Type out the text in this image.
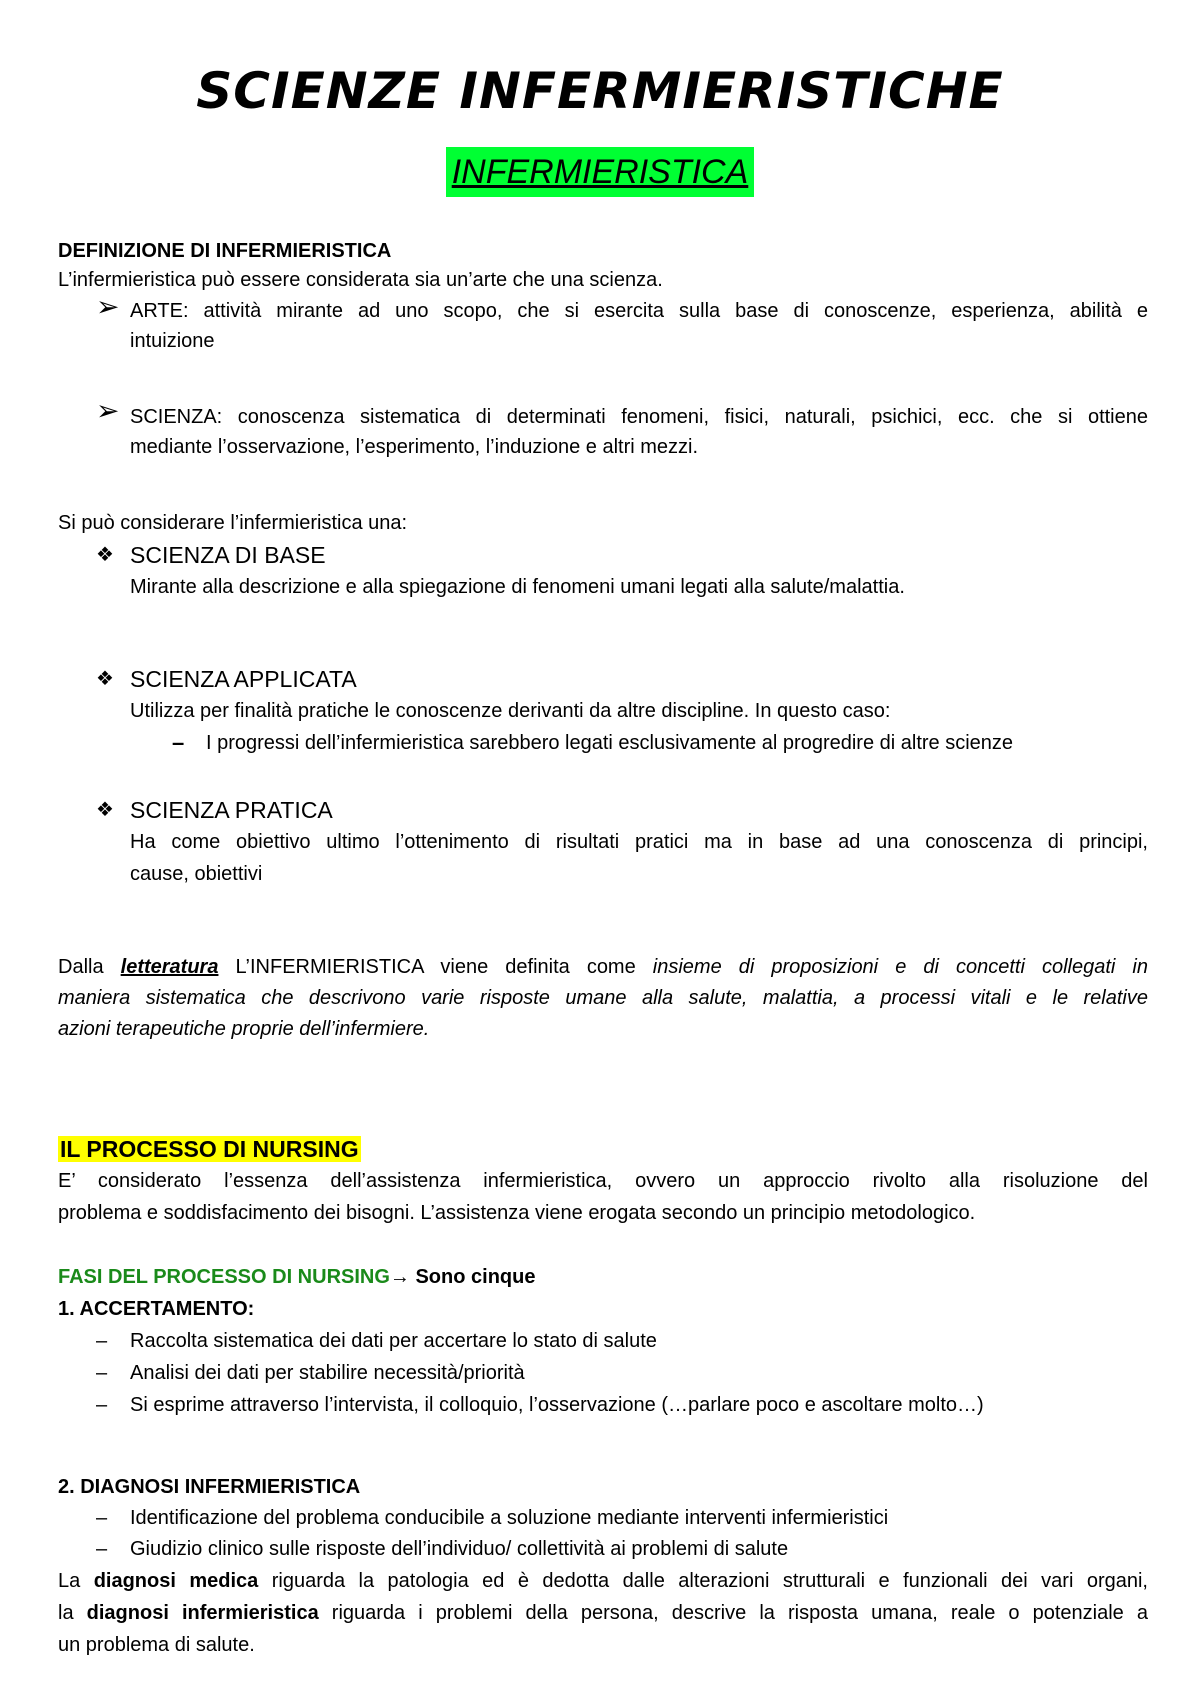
SCIENZE INFERMIERISTICHE
INFERMIERISTICA
DEFINIZIONE DI INFERMIERISTICA
L’infermieristica può essere considerata sia un’arte che una scienza.
➢ ARTE: attività mirante ad uno scopo, che si esercita sulla base di conoscenze, esperienza, abilità e
intuizione
➢ SCIENZA: conoscenza sistematica di determinati fenomeni, fisici, naturali, psichici, ecc. che si ottiene
mediante l’osservazione, l’esperimento, l’induzione e altri mezzi.
Si può considerare l’infermieristica una:
❖ SCIENZA DI BASE
Mirante alla descrizione e alla spiegazione di fenomeni umani legati alla salute/malattia.
❖ SCIENZA APPLICATA
Utilizza per finalità pratiche le conoscenze derivanti da altre discipline. In questo caso:
– I progressi dell’infermieristica sarebbero legati esclusivamente al progredire di altre scienze
❖ SCIENZA PRATICA
Ha come obiettivo ultimo l’ottenimento di risultati pratici ma in base ad una conoscenza di principi,
cause, obiettivi
Dalla letteratura L’INFERMIERISTICA viene definita come insieme di proposizioni e di concetti collegati in
maniera sistematica che descrivono varie risposte umane alla salute, malattia, a processi vitali e le relative
azioni terapeutiche proprie dell’infermiere.
IL PROCESSO DI NURSING
E’ considerato l’essenza dell’assistenza infermieristica, ovvero un approccio rivolto alla risoluzione del
problema e soddisfacimento dei bisogni. L’assistenza viene erogata secondo un principio metodologico.
FASI DEL PROCESSO DI NURSING→ Sono cinque
1. ACCERTAMENTO:
– Raccolta sistematica dei dati per accertare lo stato di salute
– Analisi dei dati per stabilire necessità/priorità
– Si esprime attraverso l’intervista, il colloquio, l’osservazione (…parlare poco e ascoltare molto…)
2. DIAGNOSI INFERMIERISTICA
– Identificazione del problema conducibile a soluzione mediante interventi infermieristici
– Giudizio clinico sulle risposte dell’individuo/ collettività ai problemi di salute
La diagnosi medica riguarda la patologia ed è dedotta dalle alterazioni strutturali e funzionali dei vari organi,
la diagnosi infermieristica riguarda i problemi della persona, descrive la risposta umana, reale o potenziale a
un problema di salute.
